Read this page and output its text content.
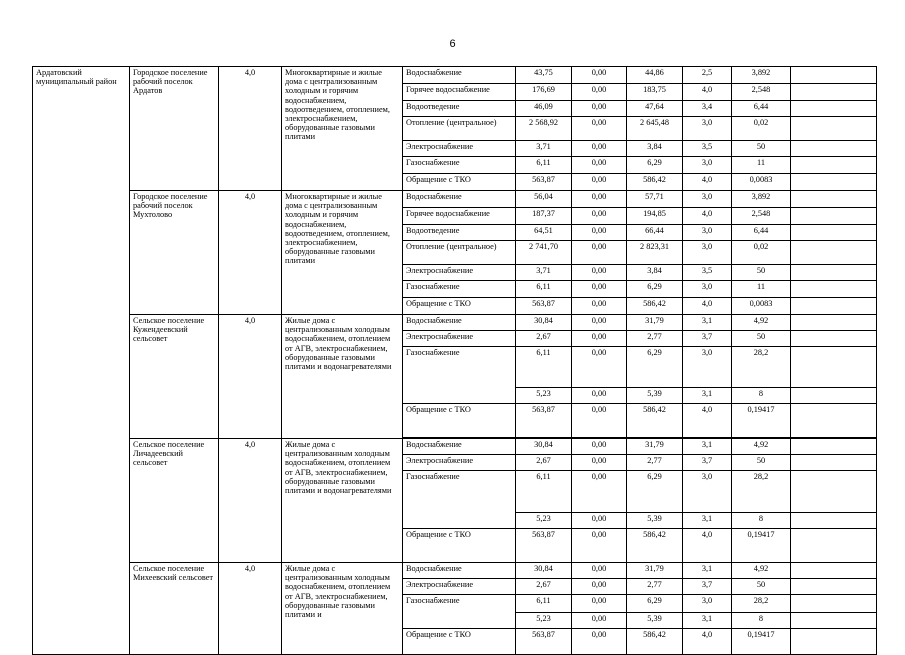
6
Ардатовский муниципальный район	Городское поселение рабочий поселок Ардатов	4,0	Многоквартирные и жилые дома с централизованным холодным и горячим водоснабжением, водоотведением, отоплением, электроснабжением, оборудованные газовыми плитами	Водоснабжение	43,75	0,00	44,86	2,5	3,892	
				Горячее водоснабжение	176,69	0,00	183,75	4,0	2,548	
				Водоотведение	46,09	0,00	47,64	3,4	6,44	
				Отопление (центральное)	2 568,92	0,00	2 645,48	3,0	0,02	
				Электроснабжение	3,71	0,00	3,84	3,5	50	
				Газоснабжение	6,11	0,00	6,29	3,0	11	
				Обращение с ТКО	563,87	0,00	586,42	4,0	0,0083	
	Городское поселение рабочий поселок Мухтолово	4,0	Многоквартирные и жилые дома с централизованным холодным и горячим водоснабжением, водоотведением, отоплением, электроснабжением, оборудованные газовыми плитами	Водоснабжение	56,04	0,00	57,71	3,0	3,892	
				Горячее водоснабжение	187,37	0,00	194,85	4,0	2,548	
				Водоотведение	64,51	0,00	66,44	3,0	6,44	
				Отопление (центральное)	2 741,70	0,00	2 823,31	3,0	0,02	
				Электроснабжение	3,71	0,00	3,84	3,5	50	
				Газоснабжение	6,11	0,00	6,29	3,0	11	
				Обращение с ТКО	563,87	0,00	586,42	4,0	0,0083	
	Сельское поселение Кужендеевский сельсовет	4,0	Жилые дома с централизованным холодным водоснабжением, отоплением от АГВ, электроснабжением, оборудованные газовыми плитами и водонагревателями	Водоснабжение	30,84	0,00	31,79	3,1	4,92	
				Электроснабжение	2,67	0,00	2,77	3,7	50	
				Газоснабжение	6,11	0,00	6,29	3,0	28,2	
					5,23	0,00	5,39	3,1	8	
				Обращение с ТКО	563,87	0,00	586,42	4,0	0,19417	

	Сельское поселение Личадеевский сельсовет	4,0	Жилые дома с централизованным холодным водоснабжением, отоплением от АГВ, электроснабжением, оборудованные газовыми плитами и водонагревателями	Водоснабжение	30,84	0,00	31,79	3,1	4,92	
				Электроснабжение	2,67	0,00	2,77	3,7	50	
				Газоснабжение	6,11	0,00	6,29	3,0	28,2	
					5,23	0,00	5,39	3,1	8	
				Обращение с ТКО	563,87	0,00	586,42	4,0	0,19417	
	Сельское поселение Михеевский сельсовет	4,0	Жилые дома с централизованным холодным водоснабжением, отоплением от АГВ, электроснабжением, оборудованные газовыми плитами и	Водоснабжение	30,84	0,00	31,79	3,1	4,92	
				Электроснабжение	2,67	0,00	2,77	3,7	50	
				Газоснабжение	6,11	0,00	6,29	3,0	28,2	
					5,23	0,00	5,39	3,1	8	
				Обращение с ТКО	563,87	0,00	586,42	4,0	0,19417	
